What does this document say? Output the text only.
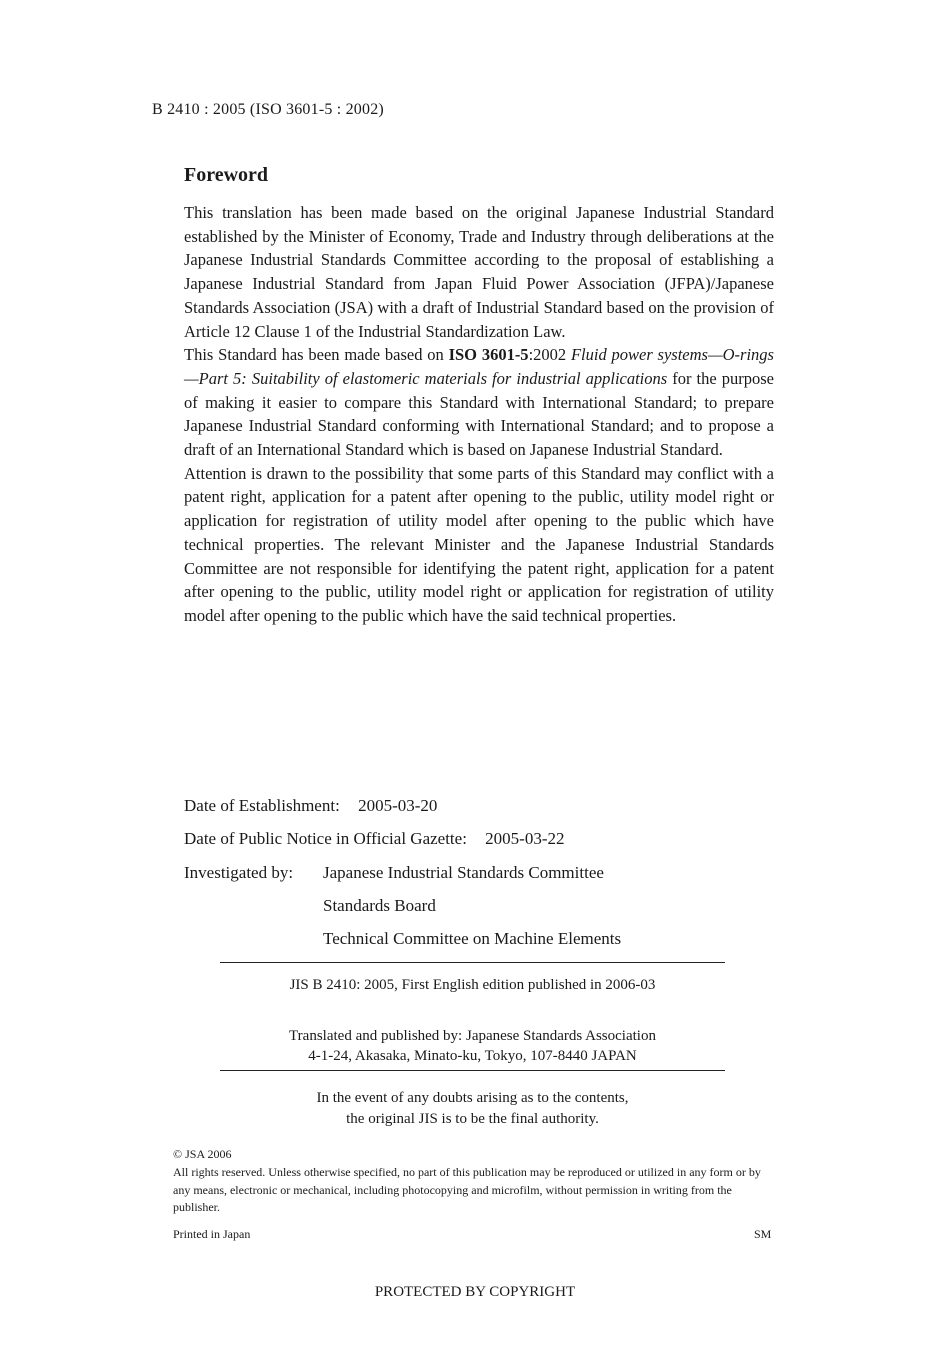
B 2410 : 2005 (ISO 3601-5 : 2002)
Foreword

This translation has been made based on the original Japanese Industrial Standard established by the Minister of Economy, Trade and Industry through deliberations at the Japanese Industrial Standards Committee according to the proposal of establishing a Japanese Industrial Standard from Japan Fluid Power Association (JFPA)/Japanese Standards Association (JSA) with a draft of Industrial Standard based on the provision of Article 12 Clause 1 of the Industrial Standardization Law.

This Standard has been made based on ISO 3601-5:2002 Fluid power systems—O-rings—Part 5: Suitability of elastomeric materials for industrial applications for the purpose of making it easier to compare this Standard with International Standard; to prepare Japanese Industrial Standard conforming with International Standard; and to propose a draft of an International Standard which is based on Japanese Industrial Standard.

Attention is drawn to the possibility that some parts of this Standard may conflict with a patent right, application for a patent after opening to the public, utility model right or application for registration of utility model after opening to the public which have technical properties. The relevant Minister and the Japanese Industrial Standards Committee are not responsible for identifying the patent right, application for a patent after opening to the public, utility model right or application for registration of utility model after opening to the public which have the said technical properties.

Date of Establishment: 2005-03-20
Date of Public Notice in Official Gazette: 2005-03-22
Investigated by: Japanese Industrial Standards Committee
Standards Board
Technical Committee on Machine Elements
JIS B 2410: 2005, First English edition published in 2006-03
Translated and published by: Japanese Standards Association
4-1-24, Akasaka, Minato-ku, Tokyo, 107-8440 JAPAN
In the event of any doubts arising as to the contents,
the original JIS is to be the final authority.
© JSA 2006
All rights reserved. Unless otherwise specified, no part of this publication may be reproduced or utilized in any form or by any means, electronic or mechanical, including photocopying and microfilm, without permission in writing from the publisher.
Printed in Japan	SM
PROTECTED BY COPYRIGHT
